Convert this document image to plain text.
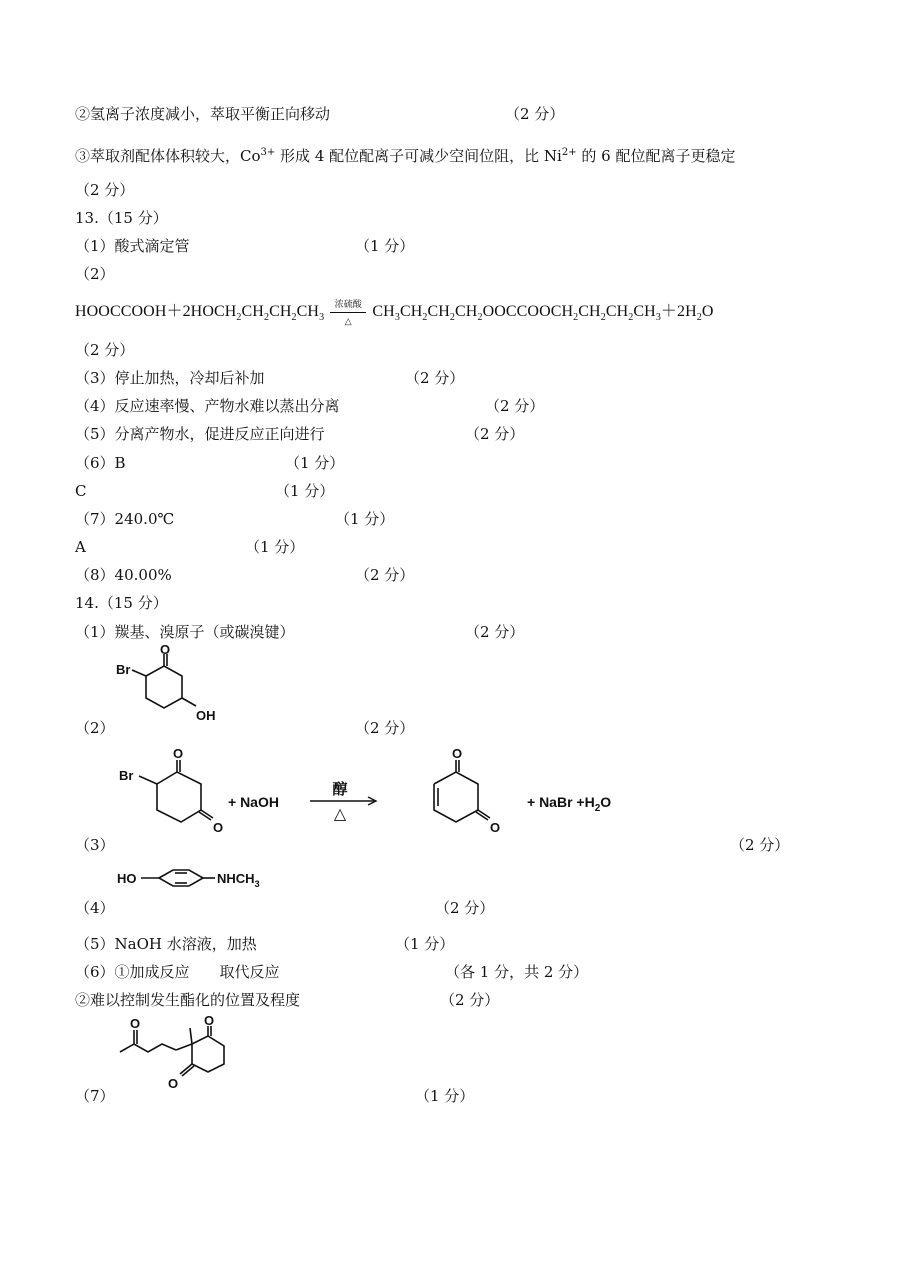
②氢离子浓度减小，萃取平衡正向移动	（2 分）
③萃取剂配体体积较大，$Co^{3+}$ 形成 4 配位配离子可减少空间位阻，比 $Ni^{2+}$ 的 6 配位配离子更稳定
（2 分）
13.（15 分）
（1）酸式滴定管	（1 分）
（2）
$HOOCCOOH+2HOCH_2CH_2CH_2CH_3$
浓硫酸
△
$CH_3CH_2CH_2CH_2OOCCOOCH_2CH_2CH_2CH_3+2H_2O$
（2 分）
（3）停止加热，冷却后补加	（2 分）
（4）反应速率慢、产物水难以蒸出分离	（2 分）
（5）分离产物水，促进反应正向进行	（2 分）
（6）B	（1 分）
C	（1 分）
（7）240.0℃	（1 分）
A	（1 分）
（8）40.00%	（2 分）
14.（15 分）
（1）羰基、溴原子（或碳溴键）	（2 分）
O
Br
OH
（2）	（2 分）
O
Br
O
+ NaOH
醇
△
O
O
+ NaBr $+H_2O$
（3）	（2 分）
HO	$NHCH_3$
（4）	（2 分）
（5）NaOH 水溶液，加热	（1 分）
（6）①加成反应　　取代反应	（各 1 分，共 2 分）
②难以控制发生酯化的位置及程度	（2 分）
O	O
O
（7）	（1 分）
